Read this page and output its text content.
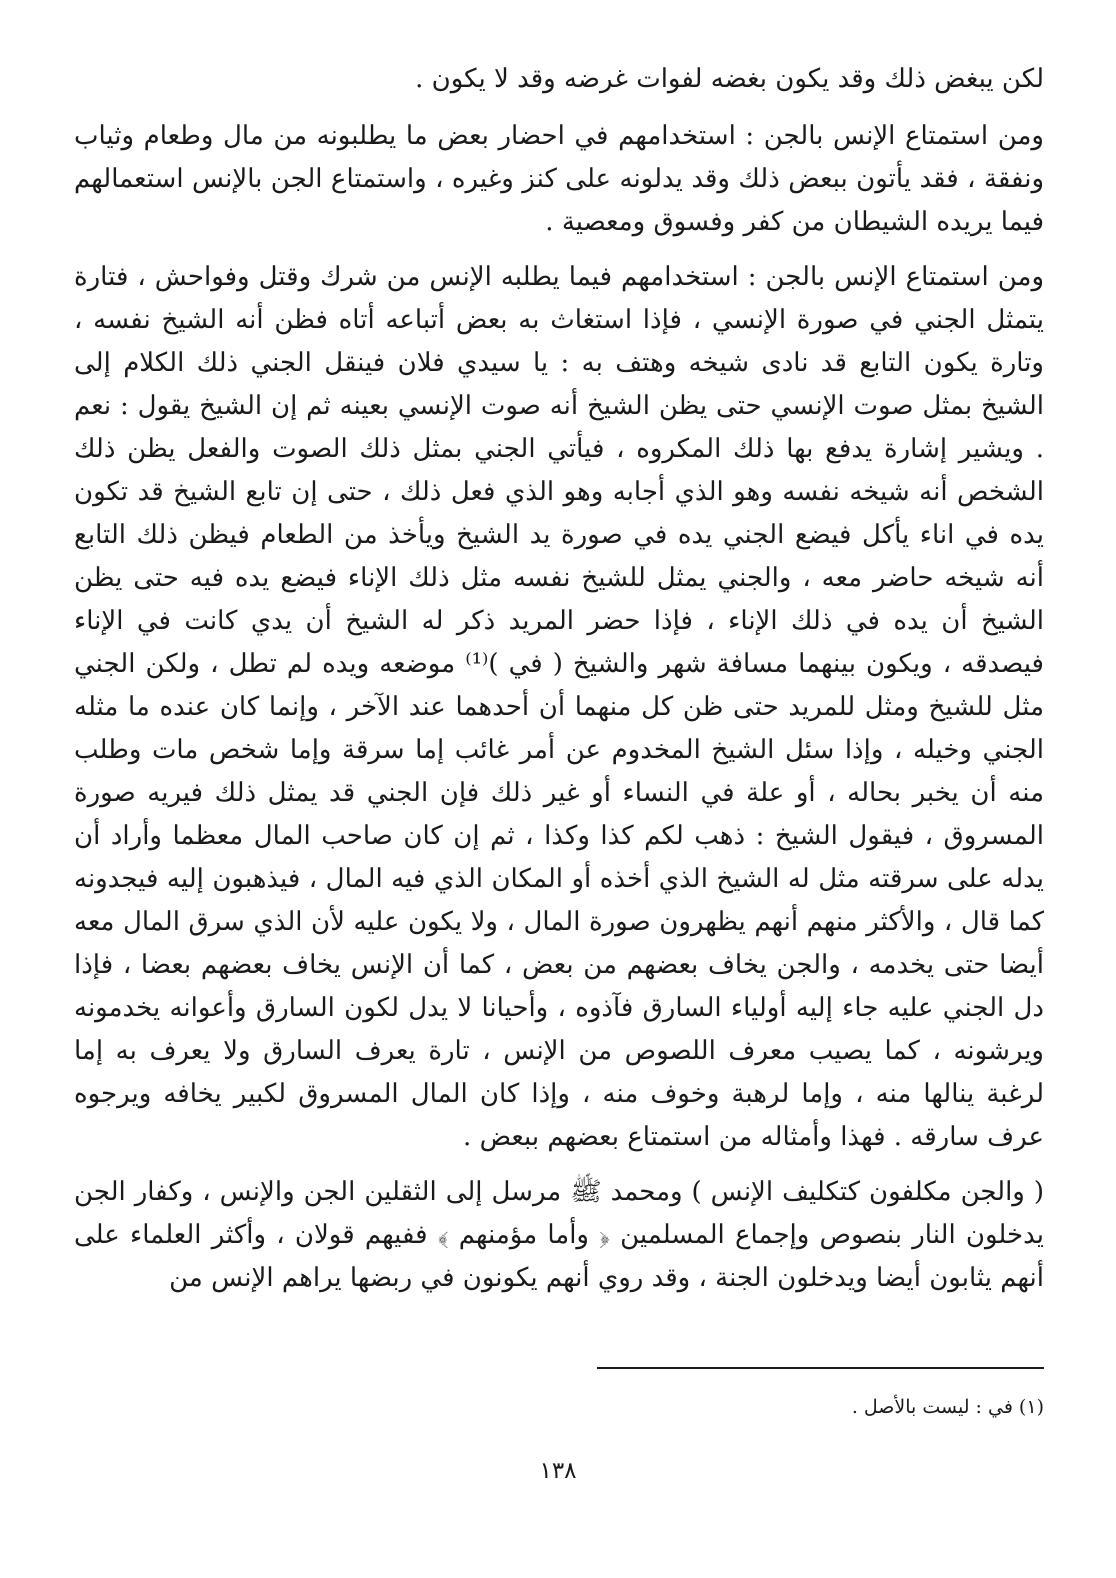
لكن يبغض ذلك وقد يكون بغضه لفوات غرضه وقد لا يكون .

ومن استمتاع الإنس بالجن : استخدامهم في احضار بعض ما يطلبونه من مال وطعام وثياب ونفقة ، فقد يأتون ببعض ذلك وقد يدلونه على كنز وغيره ، واستمتاع الجن بالإنس استعمالهم فيما يريده الشيطان من كفر وفسوق ومعصية .

ومن استمتاع الإنس بالجن : استخدامهم فيما يطلبه الإنس من شرك وقتل وفواحش ، فتارة يتمثل الجني في صورة الإنسي ، فإذا استغاث به بعض أتباعه أتاه فظن أنه الشيخ نفسه ، وتارة يكون التابع قد نادى شيخه وهتف به : يا سيدي فلان فينقل الجني ذلك الكلام إلى الشيخ بمثل صوت الإنسي حتى يظن الشيخ أنه صوت الإنسي بعينه ثم إن الشيخ يقول : نعم . ويشير إشارة يدفع بها ذلك المكروه ، فيأتي الجني بمثل ذلك الصوت والفعل يظن ذلك الشخص أنه شيخه نفسه وهو الذي أجابه وهو الذي فعل ذلك ، حتى إن تابع الشيخ قد تكون يده في اناء يأكل فيضع الجني يده في صورة يد الشيخ ويأخذ من الطعام فيظن ذلك التابع أنه شيخه حاضر معه ، والجني يمثل للشيخ نفسه مثل ذلك الإناء فيضع يده فيه حتى يظن الشيخ أن يده في ذلك الإناء ، فإذا حضر المريد ذكر له الشيخ أن يدي كانت في الإناء فيصدقه ، ويكون بينهما مسافة شهر والشيخ ( في )⁽¹⁾ موضعه ويده لم تطل ، ولكن الجني مثل للشيخ ومثل للمريد حتى ظن كل منهما أن أحدهما عند الآخر ، وإنما كان عنده ما مثله الجني وخيله ، وإذا سئل الشيخ المخدوم عن أمر غائب إما سرقة وإما شخص مات وطلب منه أن يخبر بحاله ، أو علة في النساء أو غير ذلك فإن الجني قد يمثل ذلك فيريه صورة المسروق ، فيقول الشيخ : ذهب لكم كذا وكذا ، ثم إن كان صاحب المال معظما وأراد أن يدله على سرقته مثل له الشيخ الذي أخذه أو المكان الذي فيه المال ، فيذهبون إليه فيجدونه كما قال ، والأكثر منهم أنهم يظهرون صورة المال ، ولا يكون عليه لأن الذي سرق المال معه أيضا حتى يخدمه ، والجن يخاف بعضهم من بعض ، كما أن الإنس يخاف بعضهم بعضا ، فإذا دل الجني عليه جاء إليه أولياء السارق فآذوه ، وأحيانا لا يدل لكون السارق وأعوانه يخدمونه ويرشونه ، كما يصيب معرف اللصوص من الإنس ، تارة يعرف السارق ولا يعرف به إما لرغبة ينالها منه ، وإما لرهبة وخوف منه ، وإذا كان المال المسروق لكبير يخافه ويرجوه عرف سارقه . فهذا وأمثاله من استمتاع بعضهم ببعض .

( والجن مكلفون كتكليف الإنس ) ومحمد ﷺ مرسل إلى الثقلين الجن والإنس ، وكفار الجن يدخلون النار بنصوص وإجماع المسلمين ﴿ وأما مؤمنهم ﴾ ففيهم قولان ، وأكثر العلماء على أنهم يثابون أيضا ويدخلون الجنة ، وقد روي أنهم يكونون في ربضها يراهم الإنس من

(١) في : ليست بالأصل .

١٣٨
